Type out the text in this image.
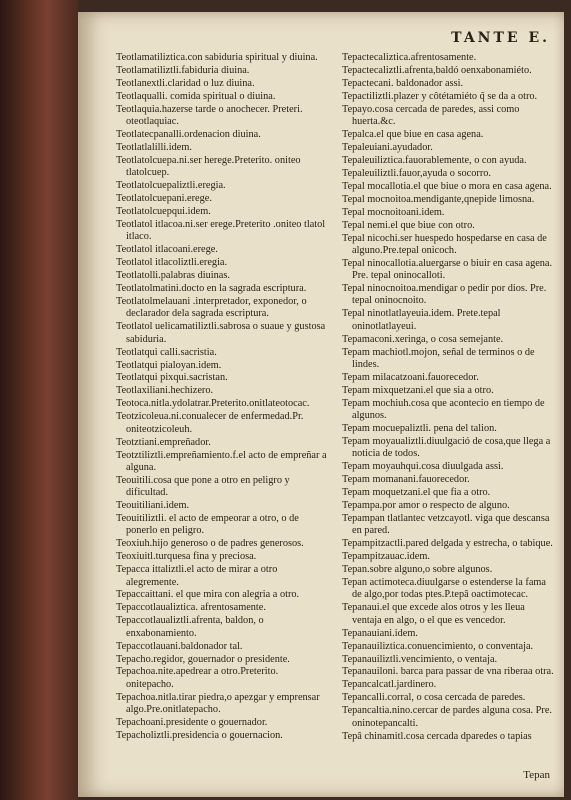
TANTE E.
Teotlamatiliztica.con sabiduria spiritual y diuina.
Teotlamatiliztli.fabiduria diuina.
Teotlanextli.claridad o luz diuina.
Teotlaqualli. comida spiritual o diuina.
Teotlaquia.hazerse tarde o anochecer. Preteri. oteotlaquiac.
Teotlatecpanalli.ordenacion diuina.
Teotlatlalilli.idem.
Teotlatolcuepa.ni.ser herege.Preterito. oniteo tlatolcuep.
Teotlatolcuepaliztli.eregia.
Teotlatolcuepani.erege.
Teotlatolcuepqui.idem.
Teotlatol itlacoa.ni.ser erege.Preterito .oniteo tlatol itlaco.
Teotlatol itlacoani.erege.
Teotlatol itlacoliztli.eregia.
Teotlatolli.palabras diuinas.
Teotlatolmatini.docto en la sagrada escriptura.
Teotlatolmelauani .interpretador, exponedor, o declarador dela sagrada escriptura.
Teotlatol uelicamatiliztli.sabrosa o suaue y gustosa sabiduria.
Teotlatqui calli.sacristia.
Teotlatqui pialoyan.idem.
Teotlatqui pixqui.sacristan.
Teotlaxiliani.hechizero.
Teotoca.nitla.ydolatrar.Preterito.onitlateotocac.
Teotzicoleua.ni.conualecer de enfermedad.Pr. oniteotzicoleuh.
Teotztiani.empreñador.
Teotztiliztli.empreñamiento.f.el acto de empreñar a alguna.
Teouitili.cosa que pone a otro en peligro y dificultad.
Teouitiliani.idem.
Teouitiliztli. el acto de empeorar a otro, o de ponerlo en peligro.
Teoxiuh.hijo generoso o de padres generosos.
Teoxiuitl.turquesa fina y preciosa.
Tepacca ittaliztli.el acto de mirar a otro alegremente.
Tepaccaittani. el que mira con alegria a otro.
Tepaccotlaualiztica. afrentosamente.
Tepaccotlaualiztli.afrenta, baldon, o enxabonamiento.
Tepaccotlauani.baldonador tal.
Tepacho.regidor, gouernador o presidente.
Tepachoa.nite.apedrear a otro.Preterito. onitepacho.
Tepachoa.nitla.tirar piedra,o apezgar y emprensar algo.Pre.onitlatepacho.
Tepachoani.presidente o gouernador.
Tepacholiztli.presidencia o gouernacion.
Tepactecaliztica.afrentosamente.
Tepactecaliztli.afrenta,baldó oenxabonamiéto.
Tepactecani. baldonador assi.
Tepactiliztli.plazer y côtétamiéto q̃ se da a otro.
Tepayo.cosa cercada de paredes, assi como huerta.&c.
Tepalca.el que biue en casa agena.
Tepaleuiani.ayudador.
Tepaleuiliztica.fauorablemente, o con ayuda.
Tepaleuiliztli.fauor,ayuda o socorro.
Tepal mocallotia.el que biue o mora en casa agena.
Tepal mocnoitoa.mendigante,qnepide limosna.
Tepal mocnoitoani.idem.
Tepal nemi.el que biue con otro.
Tepal nicochi.ser huespedo hospedarse en casa de alguno.Pre.tepal onicoch.
Tepal ninocallotia.aluergarse o biuir en casa agena. Pre. tepal oninocalloti.
Tepal ninocnoitoa.mendigar o pedir por dios. Pre. tepal oninocnoito.
Tepal ninotlatlayeuia.idem. Prete.tepal oninotlatlayeui.
Tepamaconi.xeringa, o cosa semejante.
Tepam machiotl.mojon, señal de terminos o de lindes.
Tepam milacatzoani.fauorecedor.
Tepam mixquetzani.el que sia a otro.
Tepam mochiuh.cosa que acontecio en tiempo de algunos.
Tepam mocuepaliztli. pena del talion.
Tepam moyaualiztli.diuulgació de cosa,que llega a noticia de todos.
Tepam moyauhqui.cosa diuulgada assi.
Tepam momanani.fauorecedor.
Tepam moquetzani.el que fia a otro.
Tepampa.por amor o respecto de alguno.
Tepampan tlatlantec vetzcayotl. viga que descansa en pared.
Tepampitzactli.pared delgada y estrecha, o tabique.
Tepampitzauac.idem.
Tepan.sobre alguno,o sobre algunos.
Tepan actimoteca.diuulgarse o estenderse la fama de algo,por todas ptes.P.tepâ oactimotecac.
Tepanaui.el que excede alos otros y les lleua ventaja en algo, o el que es vencedor.
Tepanauiani.idem.
Tepanauiliztica.conuencimiento, o conventaja.
Tepanauiliztli.vencimiento, o ventaja.
Tepanauiloni. barca para passar de vna riberaa otra.
Tepancalcatl.jardinero.
Tepancalli.corral, o cosa cercada de paredes.
Tepancaltia.nino.cercar de pardes alguna cosa. Pre. oninotepancalti.
Tepâ chinamitl.cosa cercada dparedes o tapias
Tepan
